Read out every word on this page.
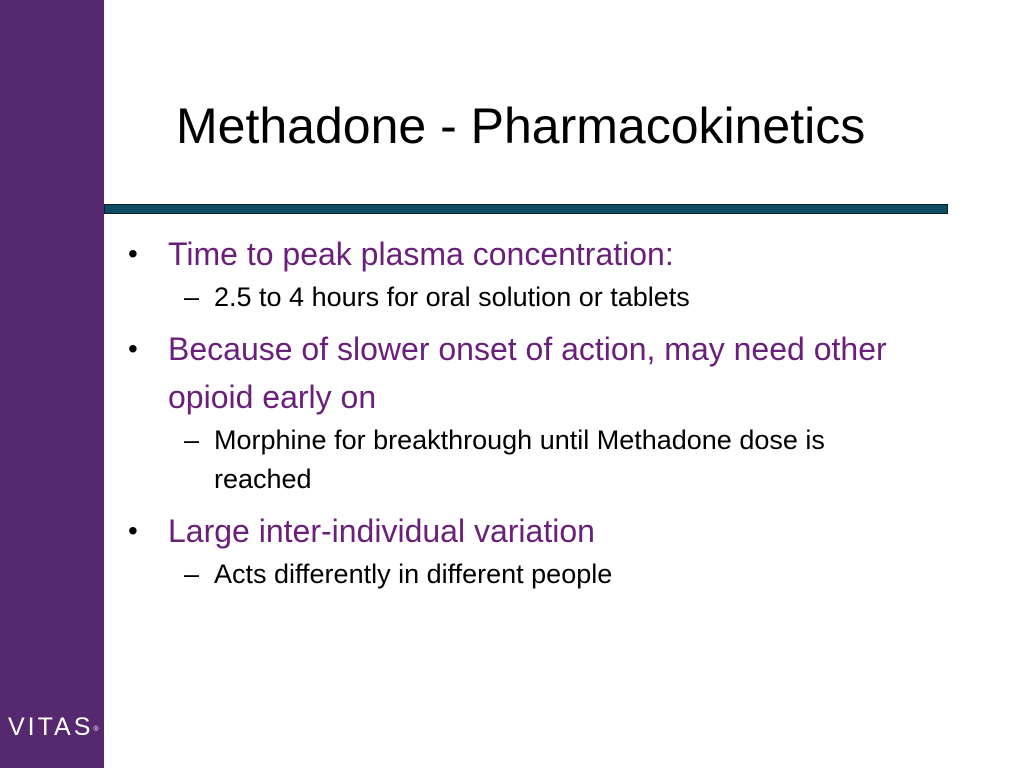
VITAS®
Methadone - Pharmacokinetics
• Time to peak plasma concentration:
– 2.5 to 4 hours for oral solution or tablets
• Because of slower onset of action, may need other opioid early on
– Morphine for breakthrough until Methadone dose is reached
• Large inter-individual variation
– Acts differently in different people
